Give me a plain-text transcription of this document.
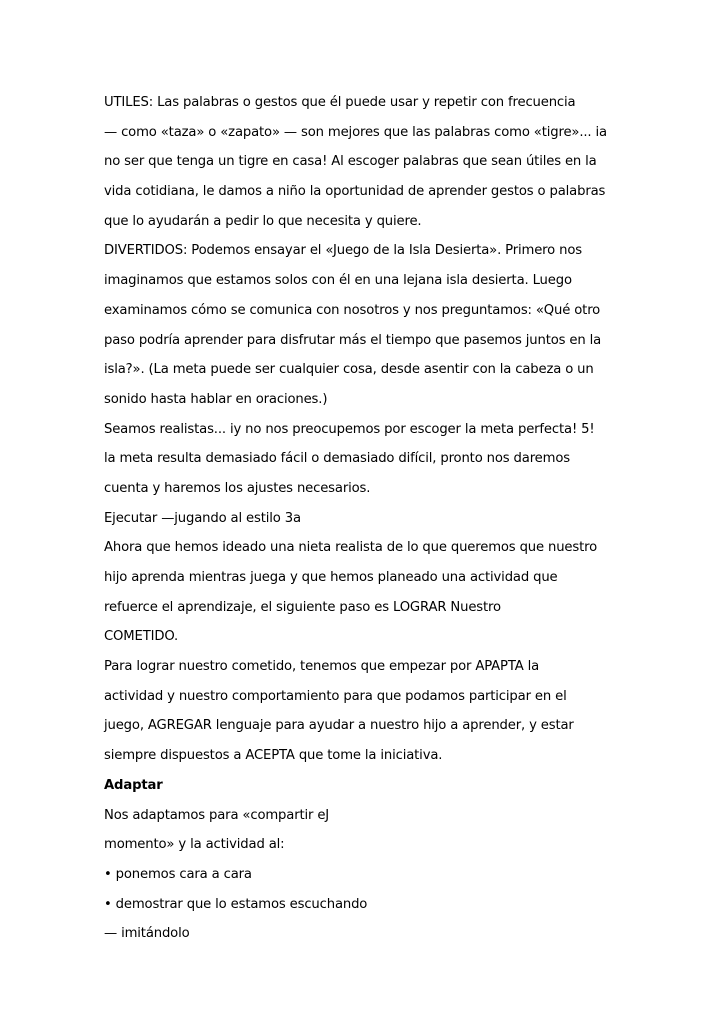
UTILES: Las palabras o gestos que él puede usar y repetir con frecuencia
— como «taza» o «zapato» — son mejores que las palabras como «tigre»... ia
no ser que tenga un tigre en casa! Al escoger palabras que sean útiles en la
vida cotidiana, le damos a niño la oportunidad de aprender gestos o palabras
que lo ayudarán a pedir lo que necesita y quiere.
DIVERTIDOS: Podemos ensayar el «Juego de la Isla Desierta». Primero nos
imaginamos que estamos solos con él en una lejana isla desierta. Luego
examinamos cómo se comunica con nosotros y nos preguntamos: «Qué otro
paso podría aprender para disfrutar más el tiempo que pasemos juntos en la
isla?». (La meta puede ser cualquier cosa, desde asentir con la cabeza o un
sonido hasta hablar en oraciones.)
Seamos realistas... iy no nos preocupemos por escoger la meta perfecta! 5!
la meta resulta demasiado fácil o demasiado difícil, pronto nos daremos
cuenta y haremos los ajustes necesarios.
Ejecutar —jugando al estilo 3a
Ahora que hemos ideado una nieta realista de lo que queremos que nuestro
hijo aprenda mientras juega y que hemos planeado una actividad que
refuerce el aprendizaje, el siguiente paso es LOGRAR Nuestro
COMETIDO.
Para lograr nuestro cometido, tenemos que empezar por APAPTA la
actividad y nuestro comportamiento para que podamos participar en el
juego, AGREGAR lenguaje para ayudar a nuestro hijo a aprender, y estar
siempre dispuestos a ACEPTA que tome la iniciativa.
Adaptar
Nos adaptamos para «compartir eJ
momento» y la actividad al:
• ponemos cara a cara
• demostrar que lo estamos escuchando
— imitándolo
